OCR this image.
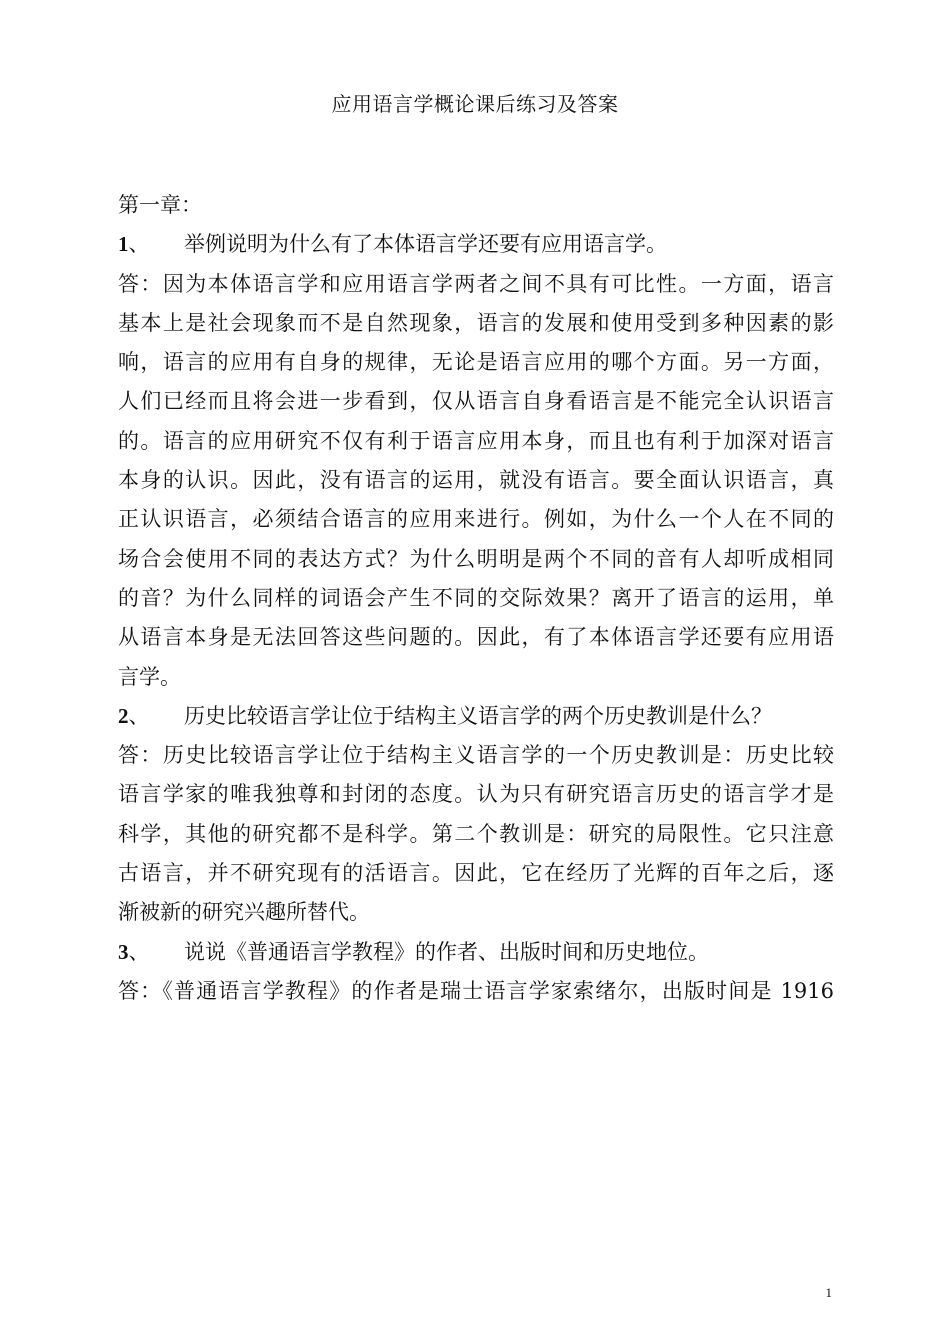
应用语言学概论课后练习及答案
第一章：
1、 举例说明为什么有了本体语言学还要有应用语言学。
答：因为本体语言学和应用语言学两者之间不具有可比性。一方面，语言
基本上是社会现象而不是自然现象，语言的发展和使用受到多种因素的影
响，语言的应用有自身的规律，无论是语言应用的哪个方面。另一方面，
人们已经而且将会进一步看到，仅从语言自身看语言是不能完全认识语言
的。语言的应用研究不仅有利于语言应用本身，而且也有利于加深对语言
本身的认识。因此，没有语言的运用，就没有语言。要全面认识语言，真
正认识语言，必须结合语言的应用来进行。例如，为什么一个人在不同的
场合会使用不同的表达方式？为什么明明是两个不同的音有人却听成相同
的音？为什么同样的词语会产生不同的交际效果？离开了语言的运用，单
从语言本身是无法回答这些问题的。因此，有了本体语言学还要有应用语
言学。
2、 历史比较语言学让位于结构主义语言学的两个历史教训是什么？
答：历史比较语言学让位于结构主义语言学的一个历史教训是：历史比较
语言学家的唯我独尊和封闭的态度。认为只有研究语言历史的语言学才是
科学，其他的研究都不是科学。第二个教训是：研究的局限性。它只注意
古语言，并不研究现有的活语言。因此，它在经历了光辉的百年之后，逐
渐被新的研究兴趣所替代。
3、 说说《普通语言学教程》的作者、出版时间和历史地位。
答：《普通语言学教程》的作者是瑞士语言学家索绪尔，出版时间是 1916
1
